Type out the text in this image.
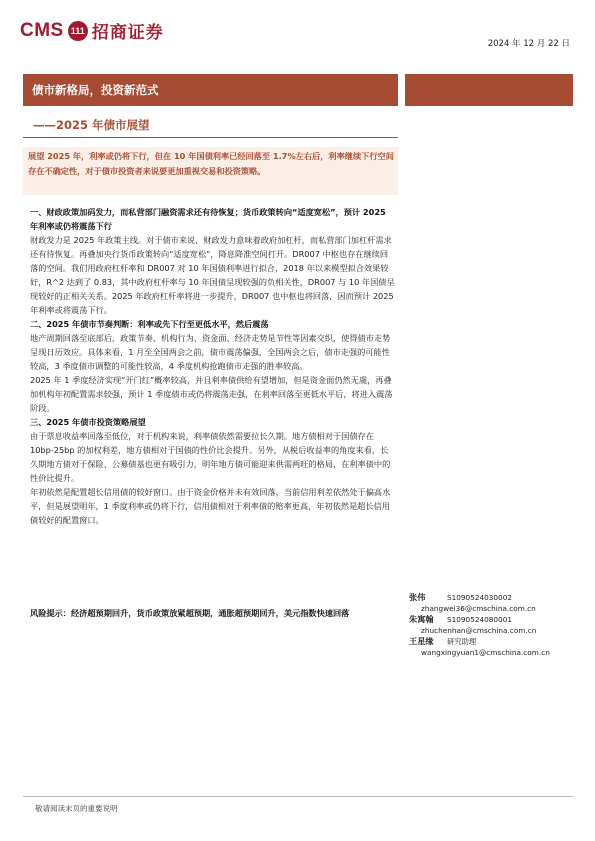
CMS 111 招商证券
2024 年 12 月 22 日
债市新格局，投资新范式
——2025 年债市展望

展望 2025 年，利率或仍将下行，但在 10 年国债利率已经回落至 1.7%左右后，利率继续下行空间存在不确定性，对于债市投资者来说要更加重视交易和投资策略。

一、财政政策加码发力，而私营部门融资需求还有待恢复；货币政策转向“适度宽松”，预计 2025 年利率或仍将震荡下行

财政发力是 2025 年政策主线。对于债市来说，财政发力意味着政府加杠杆，而私营部门加杠杆需求还有待恢复。再叠加央行货币政策转向“适度宽松”，降息降准空间打开。DR007 中枢也存在继续回落的空间。我们用政府杠杆率和 DR007 对 10 年国债利率进行拟合，2018 年以来模型拟合效果较好，R^2 达到了 0.83，其中政府杠杆率与 10 年国债呈现较强的负相关性，DR007 与 10 年国债呈现较好的正相关关系。2025 年政府杠杆率将进一步提升，DR007 也中枢也将回落，因而预计 2025 年利率或将震荡下行。

二、2025 年债市节奏判断：利率或先下行至更低水平，然后震荡

地产周期回落至底部后，政策节奏、机构行为、资金面、经济走势是节性等因素交织，使得债市走势呈现日历效应。具体来看，1 月至全国两会之前，债市震荡偏强，全国两会之后，债市走强的可能性较高，3 季度债市调整的可能性较高，4 季度机构抢跑债市走强的胜率较高。

2025 年 1 季度经济实现“开门红”概率较高，并且利率债供给有望增加，但是资金面仍然无虞，再叠加机构年初配置需求较强，预计 1 季度债市或仍将震荡走强，在利率回落至更低水平后，将进入震荡阶段。

三、2025 年债市投资策略展望

由于票息收益率回落至低位，对于机构来说，利率债依然需要拉长久期。地方债相对于国债存在 10bp-25bp 的加权利差，地方债相对于国债的性价比会提升。另外，从税后收益率的角度来看，长久期地方债对于保险、公募债基也更有吸引力，明年地方债可能迎来供需两旺的格局，在利率债中的性价比提升。

年初依然是配置超长信用债的较好窗口。由于资金价格并未有效回落，当前信用利差依然处于偏高水平，但是展望明年，1 季度利率或仍将下行，信用债相对于利率债的赔率更高，年初依然是超长信用债较好的配置窗口。

风险提示：经济超预期回升，货币政策放紧超预期，通胀超预期回升，美元指数快速回落

张伟	S1090524030002
zhangwei36@cmschina.com.cn
朱寓翰	S1090524080001
zhuchenhan@cmschina.com.cn
王星缘	研究助理
wangxingyuan1@cmschina.com.cn
敬请阅读末页的重要说明
